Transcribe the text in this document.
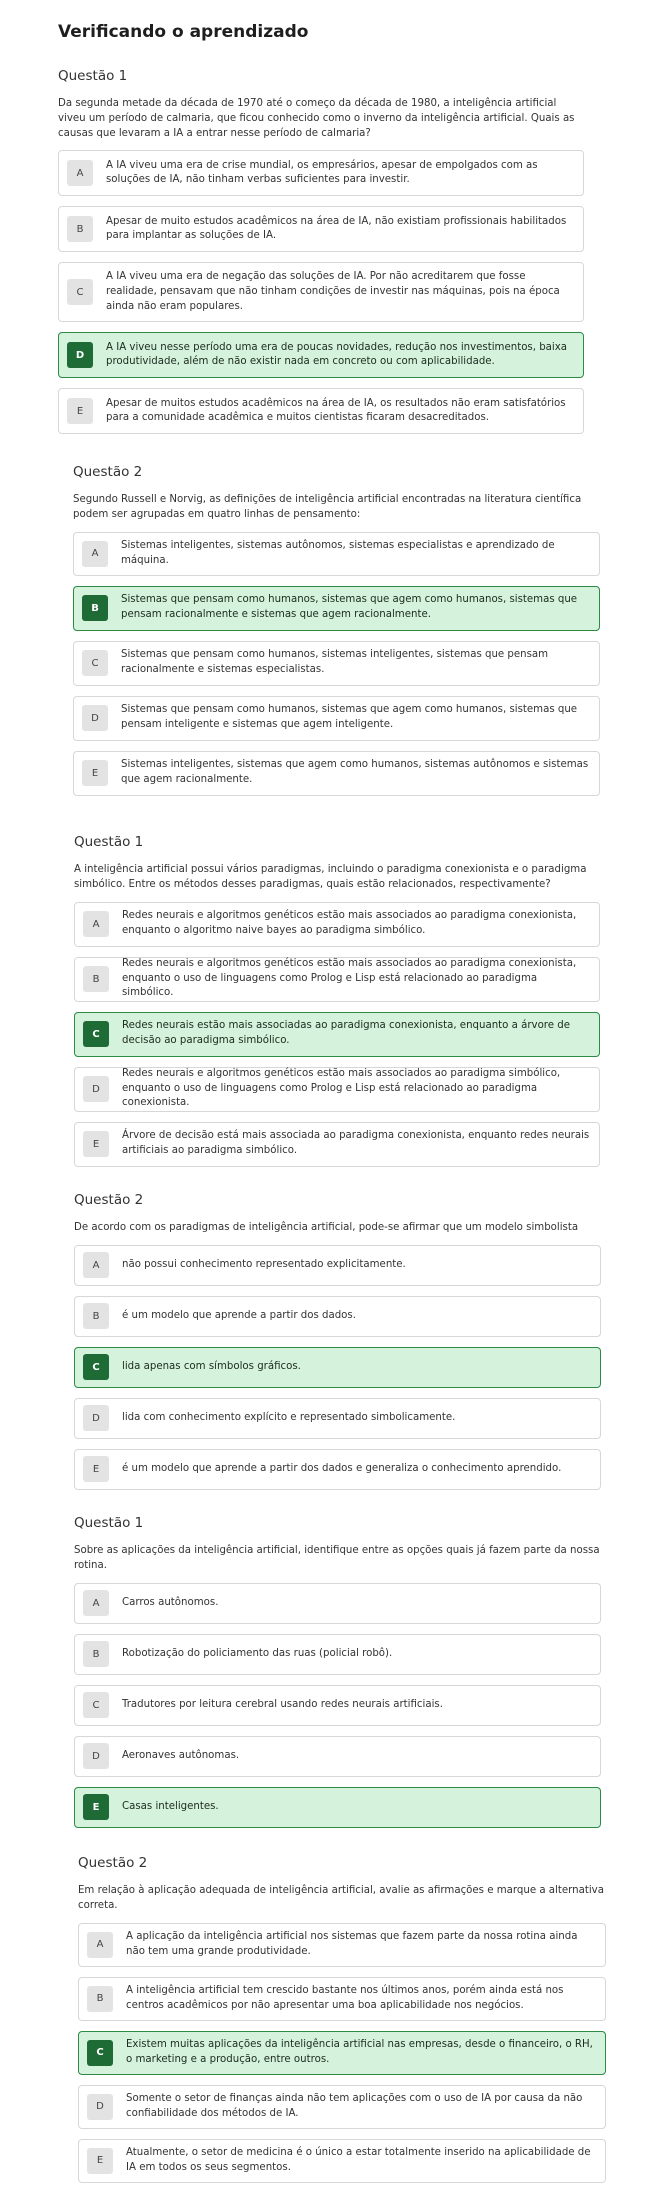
Verificando o aprendizado
Questão 1

Da segunda metade da década de 1970 até o começo da década de 1980, a inteligência artificial viveu um período de calmaria, que ficou conhecido como o inverno da inteligência artificial. Quais as causas que levaram a IA a entrar nesse período de calmaria?

A
A IA viveu uma era de crise mundial, os empresários, apesar de empolgados com as soluções de IA, não tinham verbas suficientes para investir.
B
Apesar de muito estudos acadêmicos na área de IA, não existiam profissionais habilitados para implantar as soluções de IA.
C
A IA viveu uma era de negação das soluções de IA. Por não acreditarem que fosse realidade, pensavam que não tinham condições de investir nas máquinas, pois na época ainda não eram populares.
D
A IA viveu nesse período uma era de poucas novidades, redução nos investimentos, baixa produtividade, além de não existir nada em concreto ou com aplicabilidade.
E
Apesar de muitos estudos acadêmicos na área de IA, os resultados não eram satisfatórios para a comunidade acadêmica e muitos cientistas ficaram desacreditados.
Questão 2

Segundo Russell e Norvig, as definições de inteligência artificial encontradas na literatura científica podem ser agrupadas em quatro linhas de pensamento:

A
Sistemas inteligentes, sistemas autônomos, sistemas especialistas e aprendizado de máquina.
B
Sistemas que pensam como humanos, sistemas que agem como humanos, sistemas que pensam racionalmente e sistemas que agem racionalmente.
C
Sistemas que pensam como humanos, sistemas inteligentes, sistemas que pensam racionalmente e sistemas especialistas.
D
Sistemas que pensam como humanos, sistemas que agem como humanos, sistemas que pensam inteligente e sistemas que agem inteligente.
E
Sistemas inteligentes, sistemas que agem como humanos, sistemas autônomos e sistemas que agem racionalmente.
Questão 1

A inteligência artificial possui vários paradigmas, incluindo o paradigma conexionista e o paradigma simbólico. Entre os métodos desses paradigmas, quais estão relacionados, respectivamente?

A
Redes neurais e algoritmos genéticos estão mais associados ao paradigma conexionista, enquanto o algoritmo naive bayes ao paradigma simbólico.
B
Redes neurais e algoritmos genéticos estão mais associados ao paradigma conexionista, enquanto o uso de linguagens como Prolog e Lisp está relacionado ao paradigma simbólico.
C
Redes neurais estão mais associadas ao paradigma conexionista, enquanto a árvore de decisão ao paradigma simbólico.
D
Redes neurais e algoritmos genéticos estão mais associados ao paradigma simbólico, enquanto o uso de linguagens como Prolog e Lisp está relacionado ao paradigma conexionista.
E
Árvore de decisão está mais associada ao paradigma conexionista, enquanto redes neurais artificiais ao paradigma simbólico.
Questão 2

De acordo com os paradigmas de inteligência artificial, pode-se afirmar que um modelo simbolista

A	não possui conhecimento representado explicitamente.
B	é um modelo que aprende a partir dos dados.
C	lida apenas com símbolos gráficos.
D	lida com conhecimento explícito e representado simbolicamente.
E	é um modelo que aprende a partir dos dados e generaliza o conhecimento aprendido.
Questão 1

Sobre as aplicações da inteligência artificial, identifique entre as opções quais já fazem parte da nossa rotina.

A	Carros autônomos.
B	Robotização do policiamento das ruas (policial robô).
C	Tradutores por leitura cerebral usando redes neurais artificiais.
D	Aeronaves autônomas.
E	Casas inteligentes.
Questão 2

Em relação à aplicação adequada de inteligência artificial, avalie as afirmações e marque a alternativa correta.

A
A aplicação da inteligência artificial nos sistemas que fazem parte da nossa rotina ainda não tem uma grande produtividade.
B
A inteligência artificial tem crescido bastante nos últimos anos, porém ainda está nos centros acadêmicos por não apresentar uma boa aplicabilidade nos negócios.
C
Existem muitas aplicações da inteligência artificial nas empresas, desde o financeiro, o RH, o marketing e a produção, entre outros.
D
Somente o setor de finanças ainda não tem aplicações com o uso de IA por causa da não confiabilidade dos métodos de IA.
E
Atualmente, o setor de medicina é o único a estar totalmente inserido na aplicabilidade de IA em todos os seus segmentos.
